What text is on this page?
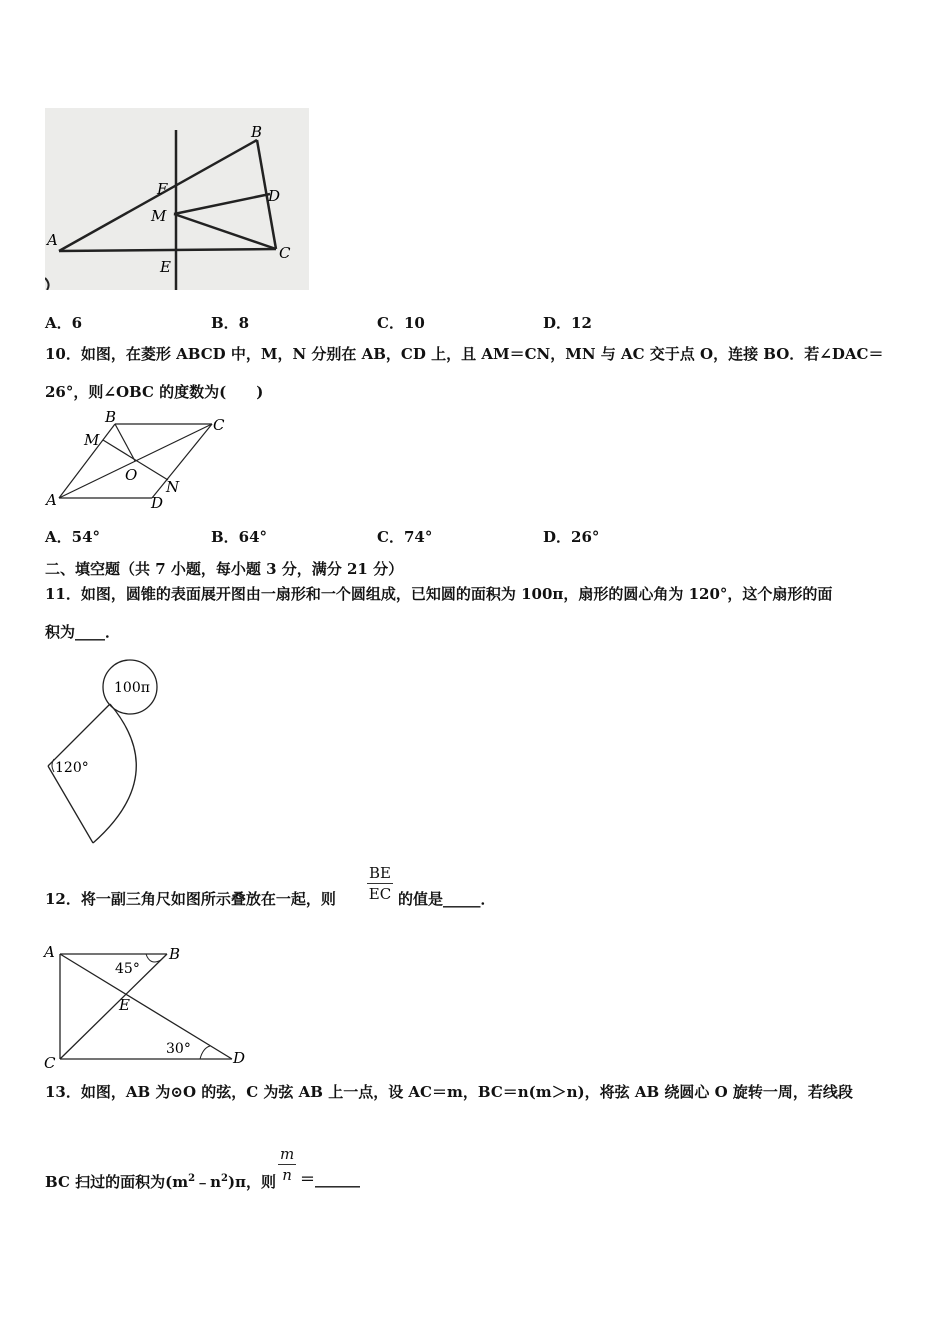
A
B
C
D
E
F
M
A．6	B．8	C．10	D．12
10．如图，在菱形 ABCD 中，M，N 分别在 AB，CD 上，且 AM＝CN，MN 与 AC 交于点 O，连接 BO．若∠DAC＝
26°，则∠OBC 的度数为(　　)
A
B	C
D
M
N
O
A．54°	B．64°	C．74°	D．26°
二、填空题（共 7 小题，每小题 3 分，满分 21 分）
11．如图，圆锥的表面展开图由一扇形和一个圆组成，已知圆的面积为 100π，扇形的圆心角为 120°，这个扇形的面
积为____．
100π
120°
12．将一副三角尺如图所示叠放在一起，则 $\frac{BE}{EC}$ 的值是_____．
A	B
C	D
E
45°
30°
13．如图，AB 为⊙O 的弦，C 为弦 AB 上一点，设 AC＝m，BC＝n(m＞n)，将弦 AB 绕圆心 O 旋转一周，若线段
BC 扫过的面积为$(m^2﹣n^2)\pi$，则 $\frac{m}{n}$ ＝______
